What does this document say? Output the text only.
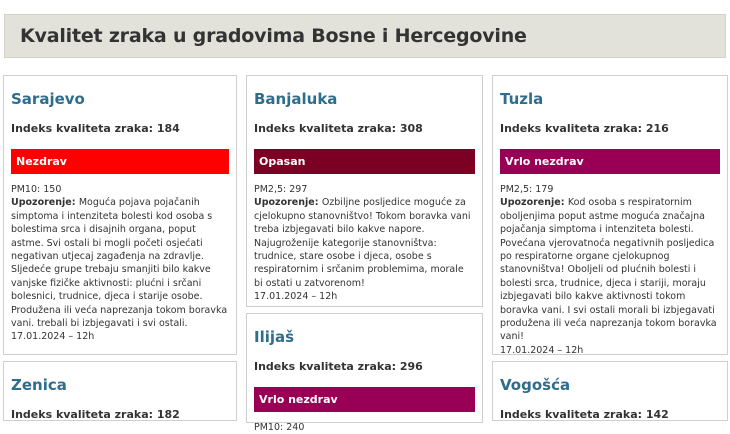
Kvalitet zraka u gradovima Bosne i Hercegovine
Sarajevo
Indeks kvaliteta zraka: 184
Nezdrav
PM10: 150
Upozorenje: Moguća pojava pojačanih simptoma i intenziteta bolesti kod osoba s bolestima srca i disajnih organa, poput astme. Svi ostali bi mogli početi osjećati negativan utjecaj zagađenja na zdravlje.
Sljedeće grupe trebaju smanjiti bilo kakve vanjske fizičke aktivnosti: plućni i srčani bolesnici, trudnice, djeca i starije osobe. Produžena ili veća naprezanja tokom boravka vani. trebali bi izbjegavati i svi ostali.
17.01.2024 – 12h
Banjaluka
Indeks kvaliteta zraka: 308
Opasan
PM2,5: 297
Upozorenje: Ozbiljne posljedice moguće za cjelokupno stanovništvo! Tokom boravka vani treba izbjegavati bilo kakve napore.
Najugroženije kategorije stanovništva: trudnice, stare osobe i djeca, osobe s respiratornim i srčanim problemima, morale bi ostati u zatvorenom!
17.01.2024 – 12h
Tuzla
Indeks kvaliteta zraka: 216
Vrlo nezdrav
PM2,5: 179
Upozorenje: Kod osoba s respiratornim oboljenjima poput astme moguća značajna pojačanja simptoma i intenziteta bolesti. Povećana vjerovatnoća negativnih posljedica po respiratorne organe cjelokupnog stanovništva! Oboljeli od plućnih bolesti i bolesti srca, trudnice, djeca i stariji, moraju izbjegavati bilo kakve aktivnosti tokom boravka vani. I svi ostali morali bi izbjegavati produžena ili veća naprezanja tokom boravka vani!
17.01.2024 – 12h
Ilijaš
Indeks kvaliteta zraka: 296
Vrlo nezdrav
PM10: 240
Zenica
Indeks kvaliteta zraka: 182
Vogošća
Indeks kvaliteta zraka: 142
